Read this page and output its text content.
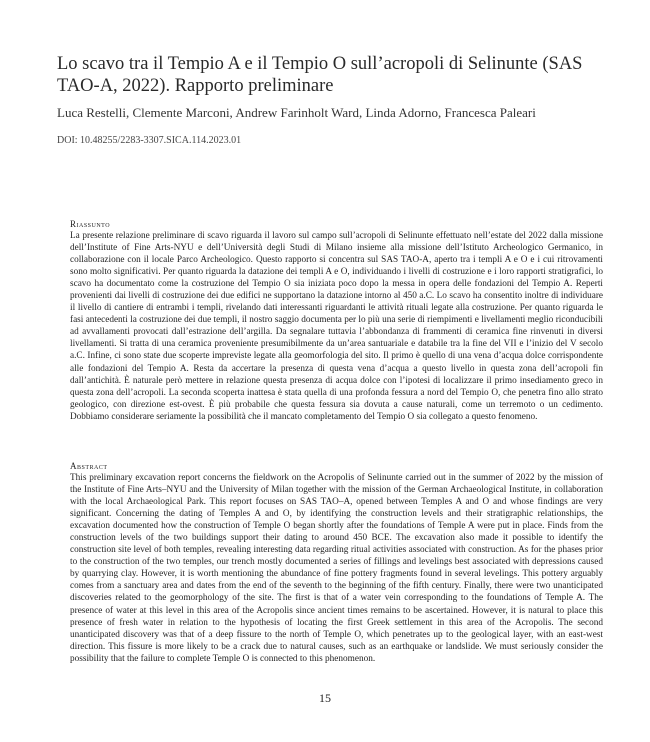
Lo scavo tra il Tempio A e il Tempio O sull’acropoli di Selinunte (SAS TAO-A, 2022). Rapporto preliminare
Luca Restelli, Clemente Marconi, Andrew Farinholt Ward, Linda Adorno, Francesca Paleari
DOI: 10.48255/2283-3307.SICA.114.2023.01
Riassunto

La presente relazione preliminare di scavo riguarda il lavoro sul campo sull’acropoli di Selinunte effettuato nell’estate del 2022 dalla missione dell’Institute of Fine Arts-NYU e dell’Università degli Studi di Milano insieme alla missione dell’Istituto Archeologico Germanico, in collaborazione con il locale Parco Archeologico. Questo rapporto si concentra sul SAS TAO-A, aperto tra i templi A e O e i cui ritrovamenti sono molto significativi. Per quanto riguarda la datazione dei templi A e O, individuando i livelli di costruzione e i loro rapporti stratigrafici, lo scavo ha documentato come la costruzione del Tempio O sia iniziata poco dopo la messa in opera delle fondazioni del Tempio A. Reperti provenienti dai livelli di costruzione dei due edifici ne supportano la datazione intorno al 450 a.C. Lo scavo ha consentito inoltre di individuare il livello di cantiere di entrambi i templi, rivelando dati interessanti riguardanti le attività rituali legate alla costruzione. Per quanto riguarda le fasi antecedenti la costruzione dei due templi, il nostro saggio documenta per lo più una serie di riempimenti e livellamenti meglio riconducibili ad avvallamenti provocati dall’estrazione dell’argilla. Da segnalare tuttavia l’abbondanza di frammenti di ceramica fine rinvenuti in diversi livellamenti. Si tratta di una ceramica proveniente presumibilmente da un’area santuariale e databile tra la fine del VII e l’inizio del V secolo a.C. Infine, ci sono state due scoperte impreviste legate alla geomorfologia del sito. Il primo è quello di una vena d’acqua dolce corrispondente alle fondazioni del Tempio A. Resta da accertare la presenza di questa vena d’acqua a questo livello in questa zona dell’acropoli fin dall’antichità. È naturale però mettere in relazione questa presenza di acqua dolce con l’ipotesi di localizzare il primo insediamento greco in questa zona dell’acropoli. La seconda scoperta inattesa è stata quella di una profonda fessura a nord del Tempio O, che penetra fino allo strato geologico, con direzione est-ovest. È più probabile che questa fessura sia dovuta a cause naturali, come un terremoto o un cedimento. Dobbiamo considerare seriamente la possibilità che il mancato completamento del Tempio O sia collegato a questo fenomeno.

Abstract

This preliminary excavation report concerns the fieldwork on the Acropolis of Selinunte carried out in the summer of 2022 by the mission of the Institute of Fine Arts–NYU and the University of Milan together with the mission of the German Archaeological Institute, in collaboration with the local Archaeological Park. This report focuses on SAS TAO–A, opened between Temples A and O and whose findings are very significant. Concerning the dating of Temples A and O, by identifying the construction levels and their stratigraphic relationships, the excavation documented how the construction of Temple O began shortly after the foundations of Temple A were put in place. Finds from the construction levels of the two buildings support their dating to around 450 BCE. The excavation also made it possible to identify the construction site level of both temples, revealing interesting data regarding ritual activities associated with construction. As for the phases prior to the construction of the two temples, our trench mostly documented a series of fillings and levelings best associated with depressions caused by quarrying clay. However, it is worth mentioning the abundance of fine pottery fragments found in several levelings. This pottery arguably comes from a sanctuary area and dates from the end of the seventh to the beginning of the fifth century. Finally, there were two unanticipated discoveries related to the geomorphology of the site. The first is that of a water vein corresponding to the foundations of Temple A. The presence of water at this level in this area of the Acropolis since ancient times remains to be ascertained. However, it is natural to place this presence of fresh water in relation to the hypothesis of locating the first Greek settlement in this area of the Acropolis. The second unanticipated discovery was that of a deep fissure to the north of Temple O, which penetrates up to the geological layer, with an east-west direction. This fissure is more likely to be a crack due to natural causes, such as an earthquake or landslide. We must seriously consider the possibility that the failure to complete Temple O is connected to this phenomenon.

15
